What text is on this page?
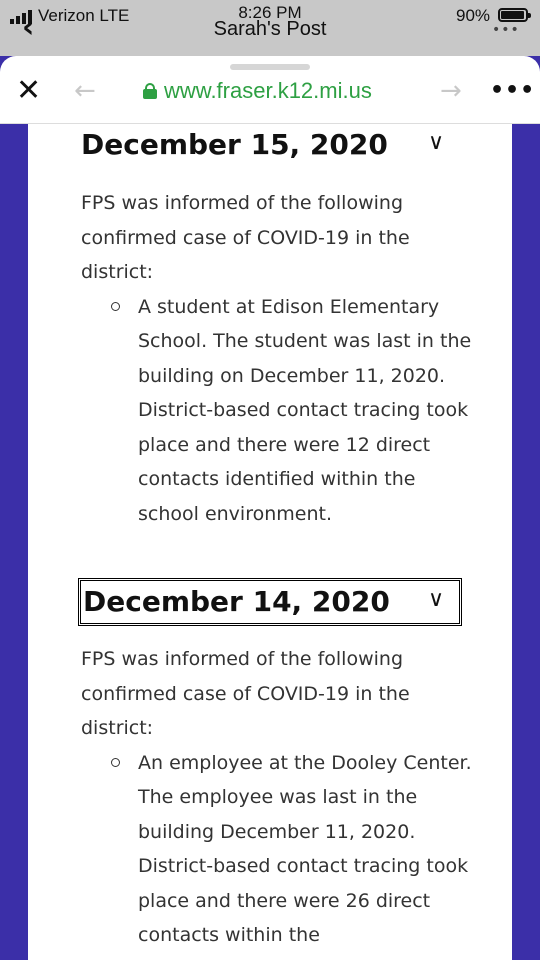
Verizon LTE
‹	8:26 PM
Sarah's Post
90%
•••
✕ ←	www.fraser.k12.mi.us	→ •••
December 15, 2020 ∨
FPS was informed of the following confirmed case of COVID-19 in the district:
A student at Edison Elementary School. The student was last in the building on December 11, 2020. District-based contact tracing took place and there were 12 direct contacts identified within the school environment.
December 14, 2020 ∨
FPS was informed of the following confirmed case of COVID-19 in the district:
An employee at the Dooley Center. The employee was last in the building December 11, 2020. District-based contact tracing took place and there were 26 direct contacts within the
